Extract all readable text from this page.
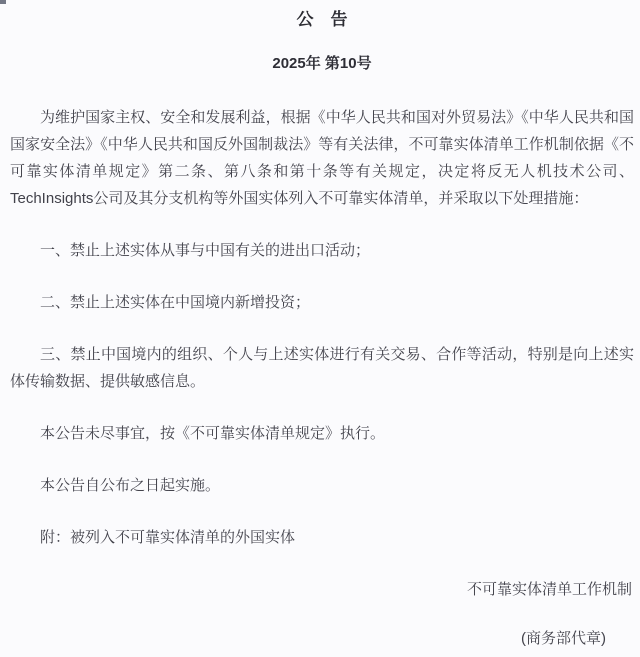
公　告
2025年 第10号

为维护国家主权、安全和发展利益，根据《中华人民共和国对外贸易法》《中华人民共和国国家安全法》《中华人民共和国反外国制裁法》等有关法律，不可靠实体清单工作机制依据《不可靠实体清单规定》第二条、第八条和第十条等有关规定，决定将反无人机技术公司、TechInsights公司及其分支机构等外国实体列入不可靠实体清单，并采取以下处理措施：

一、禁止上述实体从事与中国有关的进出口活动；

二、禁止上述实体在中国境内新增投资；

三、禁止中国境内的组织、个人与上述实体进行有关交易、合作等活动，特别是向上述实体传输数据、提供敏感信息。

本公告未尽事宜，按《不可靠实体清单规定》执行。

本公告自公布之日起实施。

附：被列入不可靠实体清单的外国实体

不可靠实体清单工作机制
(商务部代章)
